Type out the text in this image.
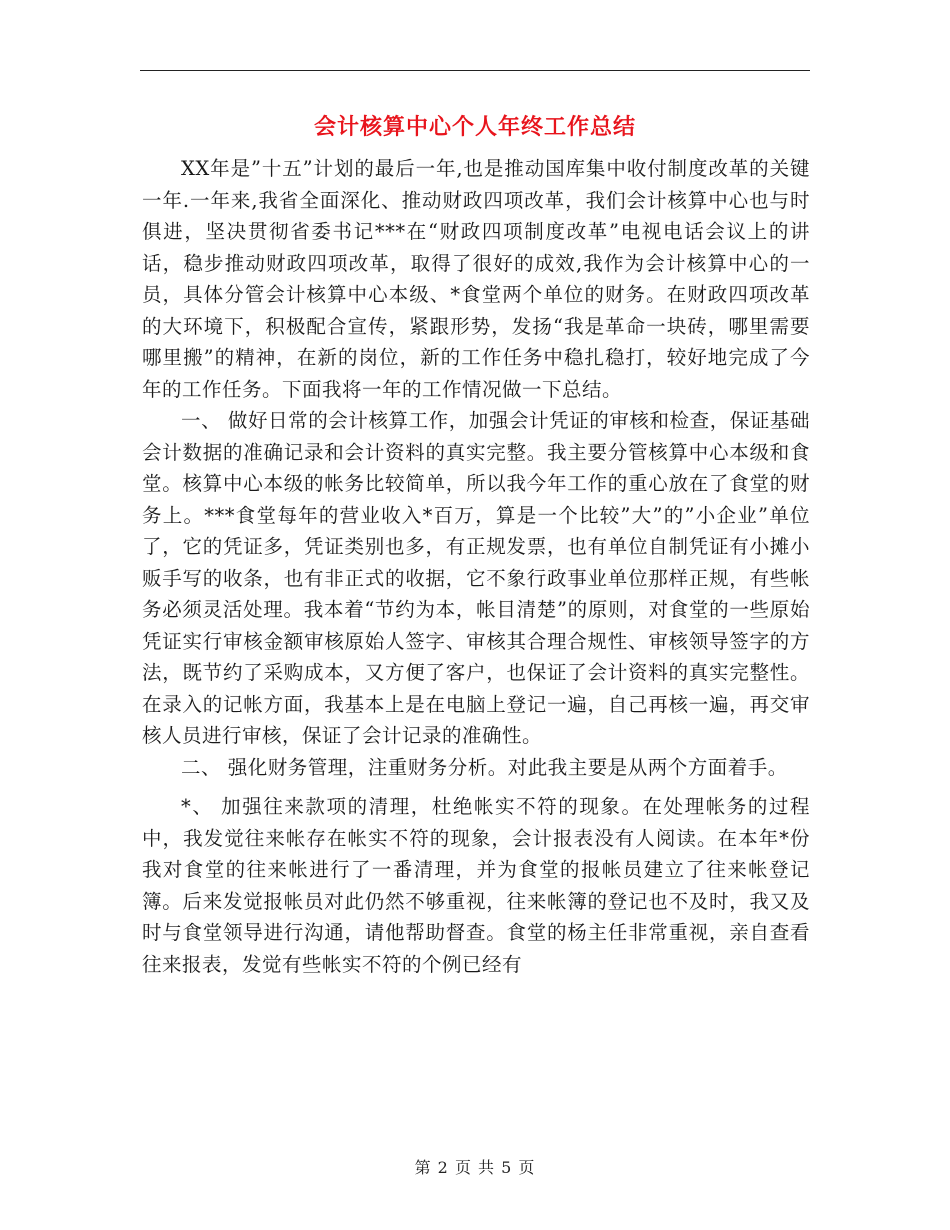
会计核算中心个人年终工作总结

XX年是”十五”计划的最后一年,也是推动国库集中收付制度改革的关键一年.一年来,我省全面深化、推动财政四项改革，我们会计核算中心也与时俱进，坚决贯彻省委书记***在“财政四项制度改革”电视电话会议上的讲话，稳步推动财政四项改革，取得了很好的成效,我作为会计核算中心的一员，具体分管会计核算中心本级、*食堂两个单位的财务。在财政四项改革的大环境下，积极配合宣传，紧跟形势，发扬“我是革命一块砖，哪里需要哪里搬”的精神，在新的岗位，新的工作任务中稳扎稳打，较好地完成了今年的工作任务。下面我将一年的工作情况做一下总结。

一、 做好日常的会计核算工作，加强会计凭证的审核和检查，保证基础会计数据的准确记录和会计资料的真实完整。我主要分管核算中心本级和食堂。核算中心本级的帐务比较简单，所以我今年工作的重心放在了食堂的财务上。***食堂每年的营业收入*百万，算是一个比较”大”的”小企业”单位了，它的凭证多，凭证类别也多，有正规发票，也有单位自制凭证有小摊小贩手写的收条，也有非正式的收据，它不象行政事业单位那样正规，有些帐务必须灵活处理。我本着“节约为本，帐目清楚”的原则，对食堂的一些原始凭证实行审核金额审核原始人签字、审核其合理合规性、审核领导签字的方法，既节约了采购成本，又方便了客户，也保证了会计资料的真实完整性。在录入的记帐方面，我基本上是在电脑上登记一遍，自己再核一遍，再交审核人员进行审核，保证了会计记录的准确性。

二、 强化财务管理，注重财务分析。对此我主要是从两个方面着手。

*、 加强往来款项的清理，杜绝帐实不符的现象。在处理帐务的过程中，我发觉往来帐存在帐实不符的现象，会计报表没有人阅读。在本年*份我对食堂的往来帐进行了一番清理，并为食堂的报帐员建立了往来帐登记簿。后来发觉报帐员对此仍然不够重视，往来帐簿的登记也不及时，我又及时与食堂领导进行沟通，请他帮助督查。食堂的杨主任非常重视，亲自查看往来报表，发觉有些帐实不符的个例已经有

第 2 页 共 5 页
